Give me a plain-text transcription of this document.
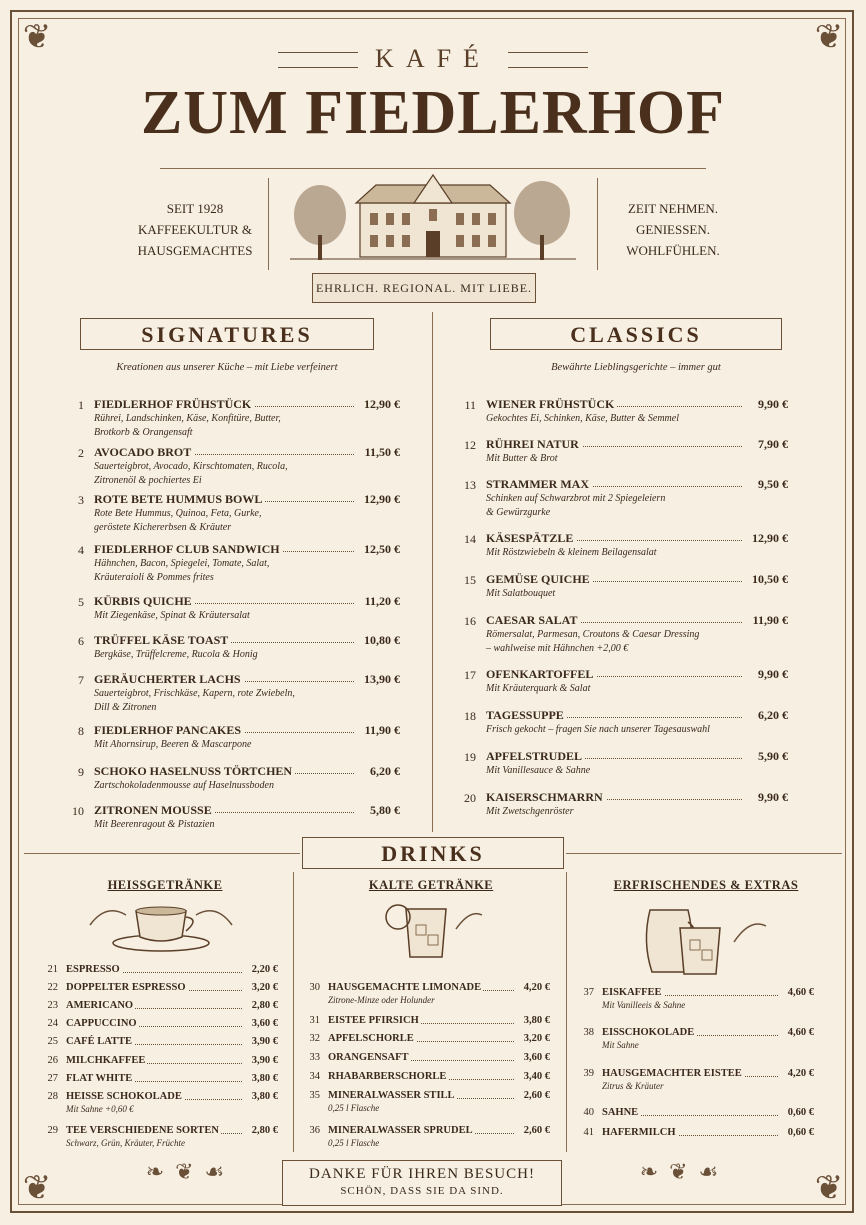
❦	❦
❦	❦
KAFÉ
ZUM FIEDLERHOF
SEIT 1928
KAFFEEKULTUR &
HAUSGEMACHTES
ZEIT NEHMEN.
GENIESSEN.
WOHLFÜHLEN.
EHRLICH. REGIONAL. MIT LIEBE.
SIGNATURES
Kreationen aus unserer Küche – mit Liebe verfeinert
1 FIEDLERHOF FRÜHSTÜCK	12,90 €
Rührei, Landschinken, Käse, Konfitüre, Butter,
Brotkorb & Orangensaft
2 AVOCADO BROT	11,50 €
Sauerteigbrot, Avocado, Kirschtomaten, Rucola,
Zitronenöl & pochiertes Ei
3 ROTE BETE HUMMUS BOWL	12,90 €
Rote Bete Hummus, Quinoa, Feta, Gurke,
geröstete Kichererbsen & Kräuter
4 FIEDLERHOF CLUB SANDWICH	12,50 €
Hähnchen, Bacon, Spiegelei, Tomate, Salat,
Kräuteraioli & Pommes frites
5 KÜRBIS QUICHE	11,20 €
Mit Ziegenkäse, Spinat & Kräutersalat
6 TRÜFFEL KÄSE TOAST	10,80 €
Bergkäse, Trüffelcreme, Rucola & Honig
7 GERÄUCHERTER LACHS	13,90 €
Sauerteigbrot, Frischkäse, Kapern, rote Zwiebeln,
Dill & Zitronen
8 FIEDLERHOF PANCAKES	11,90 €
Mit Ahornsirup, Beeren & Mascarpone
9 SCHOKO HASELNUSS TÖRTCHEN	6,20 €
Zartschokoladenmousse auf Haselnussboden
10 ZITRONEN MOUSSE	5,80 €
Mit Beerenragout & Pistazien
CLASSICS
Bewährte Lieblingsgerichte – immer gut
11 WIENER FRÜHSTÜCK	9,90 €
Gekochtes Ei, Schinken, Käse, Butter & Semmel
12 RÜHREI NATUR	7,90 €
Mit Butter & Brot
13 STRAMMER MAX	9,50 €
Schinken auf Schwarzbrot mit 2 Spiegeleiern
& Gewürzgurke
14 KÄSESPÄTZLE	12,90 €
Mit Röstzwiebeln & kleinem Beilagensalat
15 GEMÜSE QUICHE	10,50 €
Mit Salatbouquet
16 CAESAR SALAT	11,90 €
Römersalat, Parmesan, Croutons & Caesar Dressing
– wahlweise mit Hähnchen +2,00 €
17 OFENKARTOFFEL	9,90 €
Mit Kräuterquark & Salat
18 TAGESSUPPE	6,20 €
Frisch gekocht – fragen Sie nach unserer Tagesauswahl
19 APFELSTRUDEL	5,90 €
Mit Vanillesauce & Sahne
20 KAISERSCHMARRN	9,90 €
Mit Zwetschgenröster
DRINKS
HEISSGETRÄNKE	KALTE GETRÄNKE	ERFRISCHENDES & EXTRAS
21 ESPRESSO	2,20 €
22 DOPPELTER ESPRESSO	3,20 €
23 AMERICANO	2,80 €
24 CAPPUCCINO	3,60 €
25 CAFÉ LATTE	3,90 €
26 MILCHKAFFEE	3,90 €
27 FLAT WHITE	3,80 €
28 HEISSE SCHOKOLADE	3,80 €
Mit Sahne +0,60 €
29 TEE VERSCHIEDENE SORTEN	2,80 €
Schwarz, Grün, Kräuter, Früchte
30 HAUSGEMACHTE LIMONADE	4,20 €
Zitrone-Minze oder Holunder
31 EISTEE PFIRSICH	3,80 €
32 APFELSCHORLE	3,20 €
33 ORANGENSAFT	3,60 €
34 RHABARBERSCHORLE	3,40 €
35 MINERALWASSER STILL	2,60 €
0,25 l Flasche
36 MINERALWASSER SPRUDEL	2,60 €
0,25 l Flasche
37 EISKAFFEE	4,60 €
Mit Vanilleeis & Sahne
38 EISSCHOKOLADE	4,60 €
Mit Sahne
39 HAUSGEMACHTER EISTEE	4,20 €
Zitrus & Kräuter
40 SAHNE	0,60 €
41 HAFERMILCH	0,60 €
❧ ❦ ☙	❧ ❦ ☙
DANKE FÜR IHREN BESUCH!
SCHÖN, DASS SIE DA SIND.
